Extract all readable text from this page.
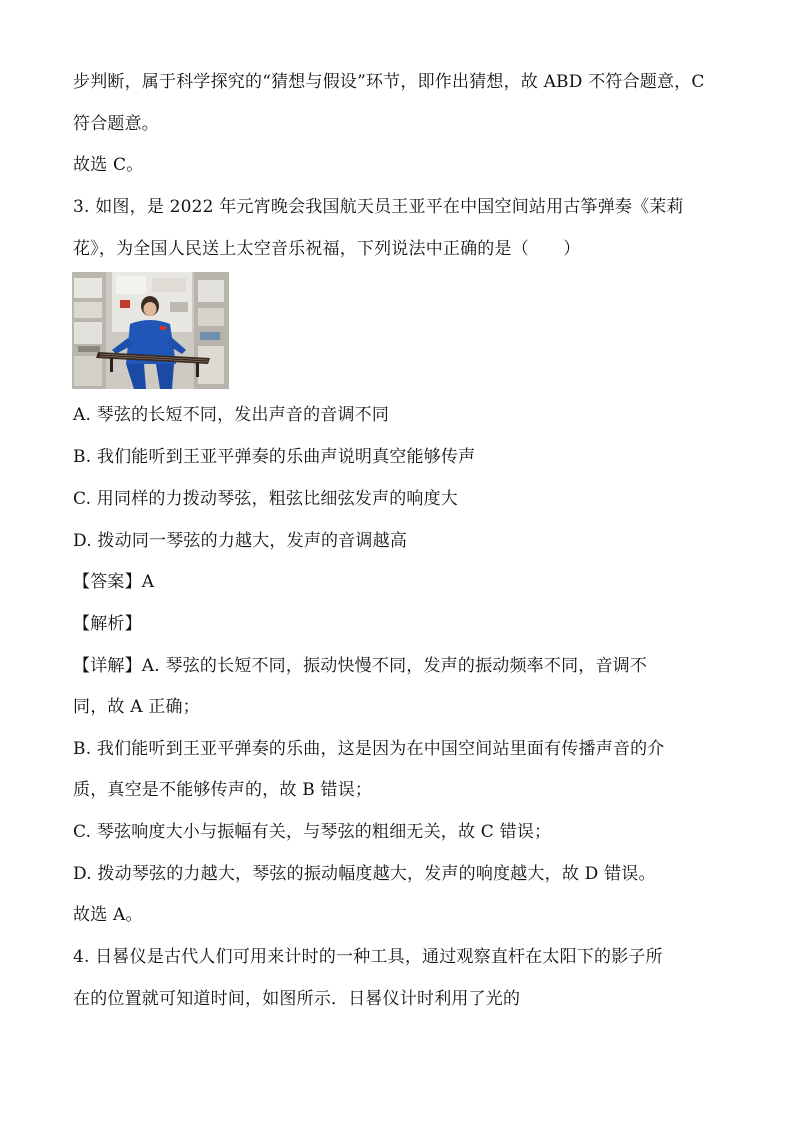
步判断，属于科学探究的“猜想与假设”环节，即作出猜想，故 ABD 不符合题意，C
符合题意。
故选 C。
3. 如图，是 2022 年元宵晚会我国航天员王亚平在中国空间站用古筝弹奏《茉莉
花》，为全国人民送上太空音乐祝福，下列说法中正确的是（　　）
A. 琴弦的长短不同，发出声音的音调不同
B. 我们能听到王亚平弹奏的乐曲声说明真空能够传声
C. 用同样的力拨动琴弦，粗弦比细弦发声的响度大
D. 拨动同一琴弦的力越大，发声的音调越高
【答案】A
【解析】
【详解】A. 琴弦的长短不同，振动快慢不同，发声的振动频率不同，音调不
同，故 A 正确；
B. 我们能听到王亚平弹奏的乐曲，这是因为在中国空间站里面有传播声音的介
质，真空是不能够传声的，故 B 错误；
C. 琴弦响度大小与振幅有关，与琴弦的粗细无关，故 C 错误；
D. 拨动琴弦的力越大，琴弦的振动幅度越大，发声的响度越大，故 D 错误。
故选 A。
4. 日晷仪是古代人们可用来计时的一种工具，通过观察直杆在太阳下的影子所
在的位置就可知道时间，如图所示．日晷仪计时利用了光的
